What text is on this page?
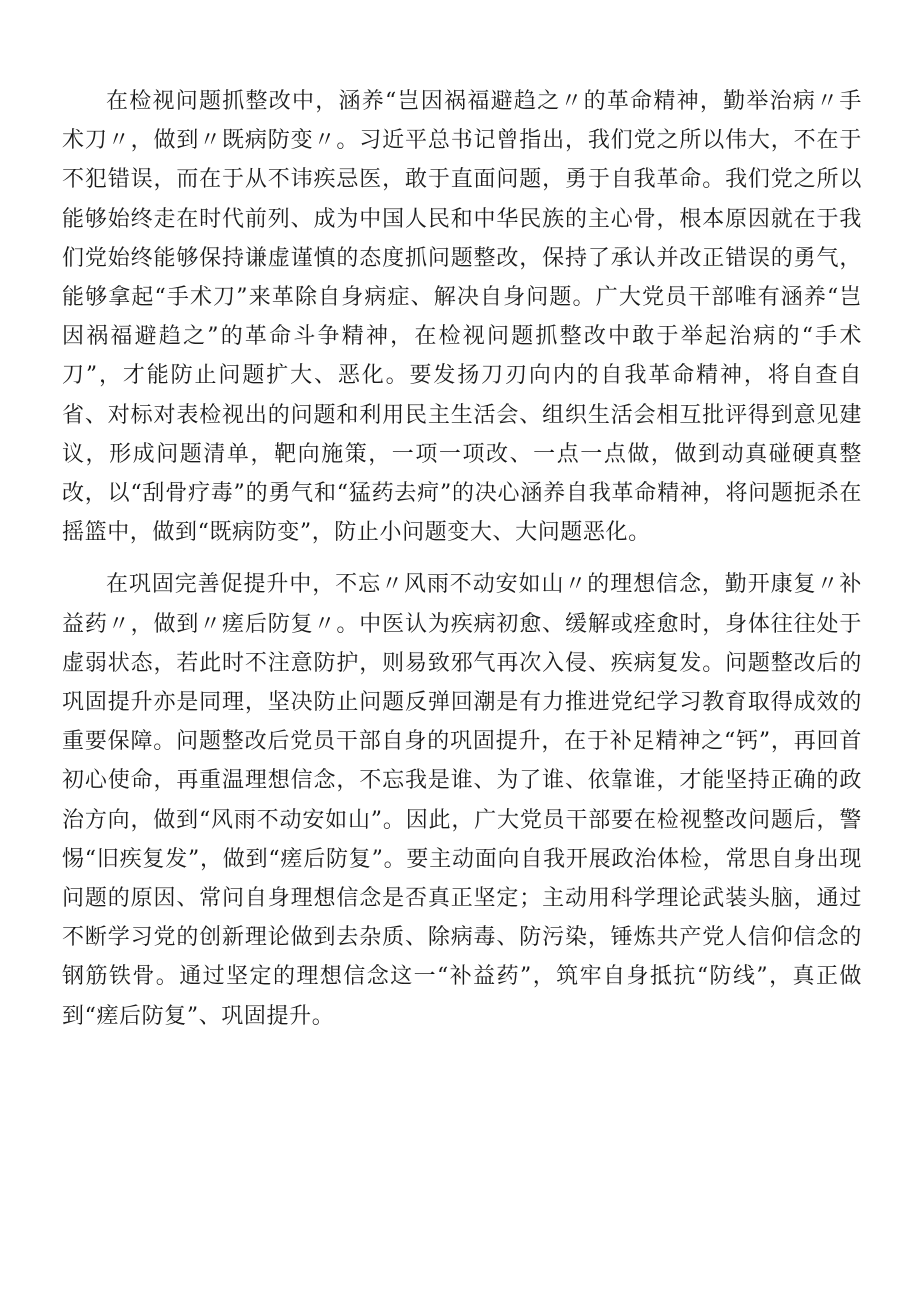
在检视问题抓整改中，涵养“岂因祸福避趋之〃的革命精神，勤举治病〃手术刀〃，做到〃既病防变〃。习近平总书记曾指出，我们党之所以伟大，不在于不犯错误，而在于从不讳疾忌医，敢于直面问题，勇于自我革命。我们党之所以能够始终走在时代前列、成为中国人民和中华民族的主心骨，根本原因就在于我们党始终能够保持谦虚谨慎的态度抓问题整改，保持了承认并改正错误的勇气，能够拿起“手术刀”来革除自身病症、解决自身问题。广大党员干部唯有涵养“岂因祸福避趋之”的革命斗争精神，在检视问题抓整改中敢于举起治病的“手术刀”，才能防止问题扩大、恶化。要发扬刀刃向内的自我革命精神，将自查自省、对标对表检视出的问题和利用民主生活会、组织生活会相互批评得到意见建议，形成问题清单，靶向施策，一项一项改、一点一点做，做到动真碰硬真整改，以“刮骨疗毒”的勇气和“猛药去疴”的决心涵养自我革命精神，将问题扼杀在摇篮中，做到“既病防变”，防止小问题变大、大问题恶化。

在巩固完善促提升中，不忘〃风雨不动安如山〃的理想信念，勤开康复〃补益药〃，做到〃瘥后防复〃。中医认为疾病初愈、缓解或痊愈时，身体往往处于虚弱状态，若此时不注意防护，则易致邪气再次入侵、疾病复发。问题整改后的巩固提升亦是同理，坚决防止问题反弹回潮是有力推进党纪学习教育取得成效的重要保障。问题整改后党员干部自身的巩固提升，在于补足精神之“钙”，再回首初心使命，再重温理想信念，不忘我是谁、为了谁、依靠谁，才能坚持正确的政治方向，做到“风雨不动安如山”。因此，广大党员干部要在检视整改问题后，警惕“旧疾复发”，做到“瘥后防复”。要主动面向自我开展政治体检，常思自身出现问题的原因、常问自身理想信念是否真正坚定；主动用科学理论武装头脑，通过不断学习党的创新理论做到去杂质、除病毒、防污染，锤炼共产党人信仰信念的钢筋铁骨。通过坚定的理想信念这一“补益药”，筑牢自身抵抗“防线”，真正做到“瘥后防复”、巩固提升。
